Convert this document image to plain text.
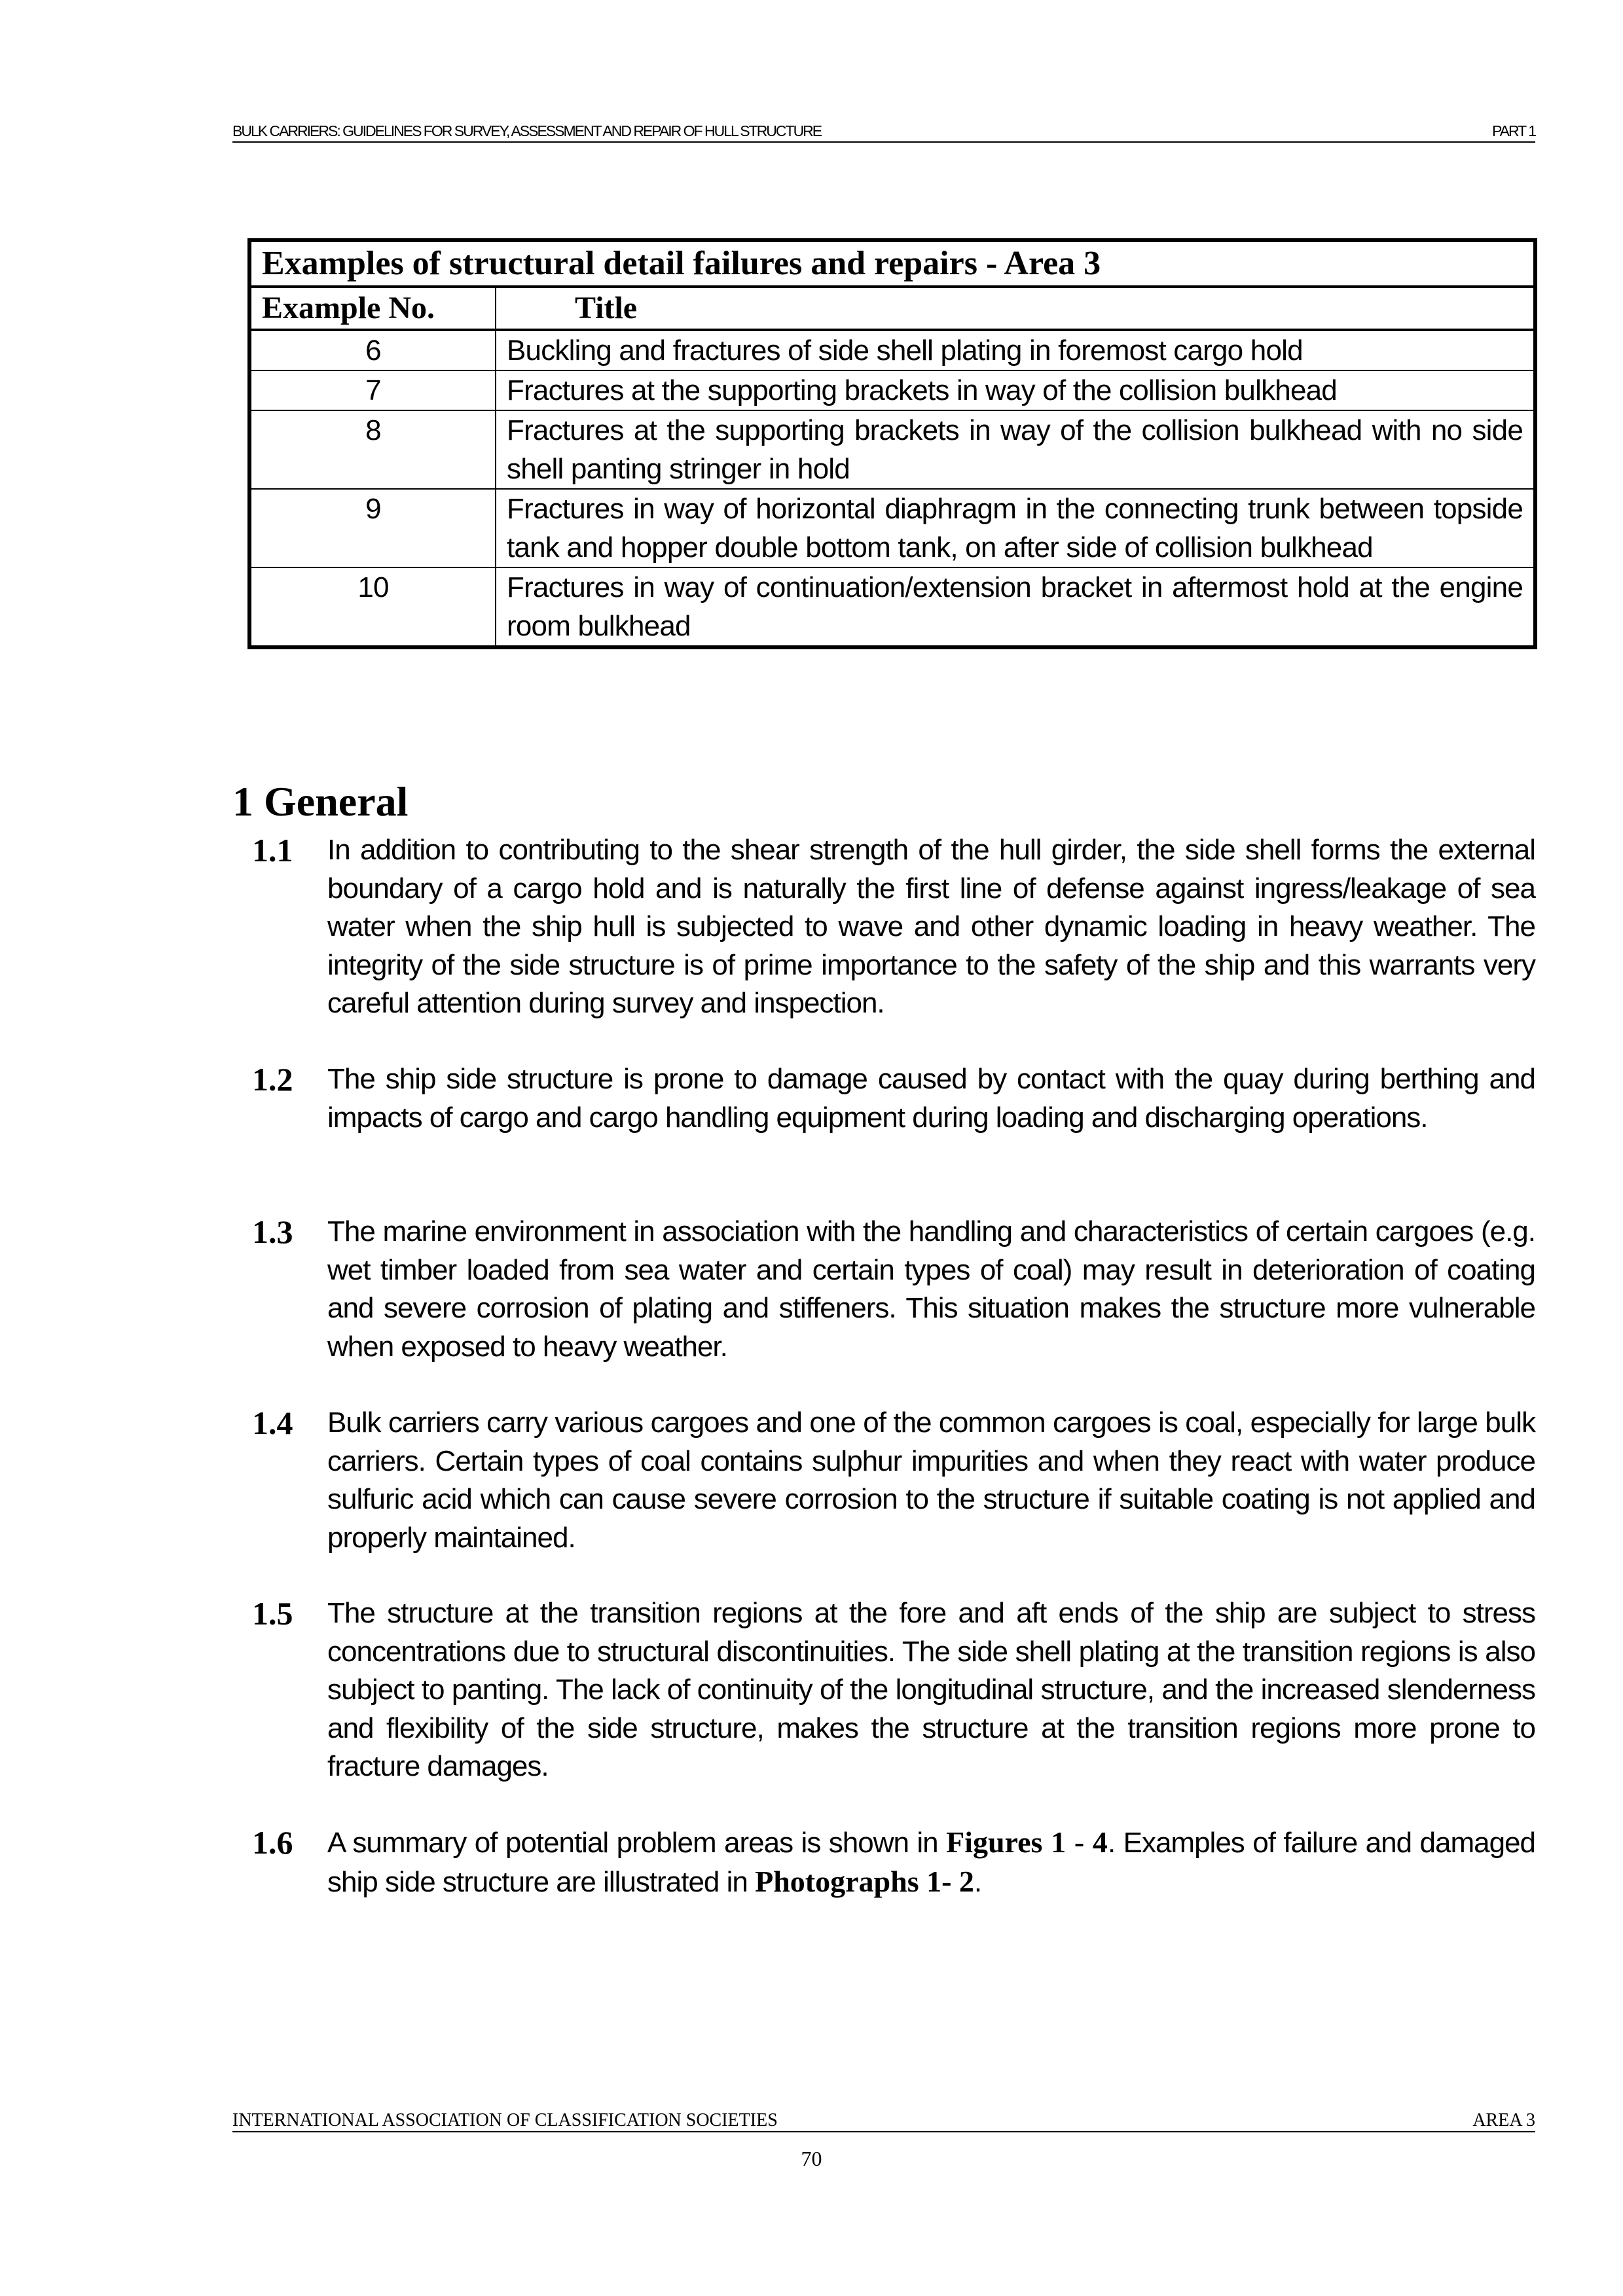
BULK CARRIERS: GUIDELINES FOR SURVEY, ASSESSMENT AND REPAIR OF HULL STRUCTURE	PART 1
Examples of structural detail failures and repairs - Area 3	
Example No.	Title
6	Buckling and fractures of side shell plating in foremost cargo hold
7	Fractures at the supporting brackets in way of the collision bulkhead
8	Fractures at the supporting brackets in way of the collision bulkhead with no side shell panting stringer in hold
9	Fractures in way of horizontal diaphragm in the connecting trunk between topside tank and hopper double bottom tank, on after side of collision bulkhead
10	Fractures in way of continuation/extension bracket in aftermost hold at the engine room bulkhead
1 General
1.1 In addition to contributing to the shear strength of the hull girder, the side shell forms the external boundary of a cargo hold and is naturally the first line of defense against ingress/leakage of sea water when the ship hull is subjected to wave and other dynamic loading in heavy weather. The integrity of the side structure is of prime importance to the safety of the ship and this warrants very careful attention during survey and inspection.
1.2 The ship side structure is prone to damage caused by contact with the quay during berthing and impacts of cargo and cargo handling equipment during loading and discharging operations.
1.3 The marine environment in association with the handling and characteristics of certain cargoes (e.g. wet timber loaded from sea water and certain types of coal) may result in deterioration of coating and severe corrosion of plating and stiffeners. This situation makes the structure more vulnerable when exposed to heavy weather.
1.4 Bulk carriers carry various cargoes and one of the common cargoes is coal, especially for large bulk carriers. Certain types of coal contains sulphur impurities and when they react with water produce sulfuric acid which can cause severe corrosion to the structure if suitable coating is not applied and properly maintained.
1.5 The structure at the transition regions at the fore and aft ends of the ship are subject to stress concentrations due to structural discontinuities. The side shell plating at the transition regions is also subject to panting. The lack of continuity of the longitudinal structure, and the increased slenderness and flexibility of the side structure, makes the structure at the transition regions more prone to fracture damages.
1.6 A summary of potential problem areas is shown in Figures 1 - 4. Examples of failure and damaged ship side structure are illustrated in Photographs 1- 2.
INTERNATIONAL ASSOCIATION OF CLASSIFICATION SOCIETIES	AREA 3
70
